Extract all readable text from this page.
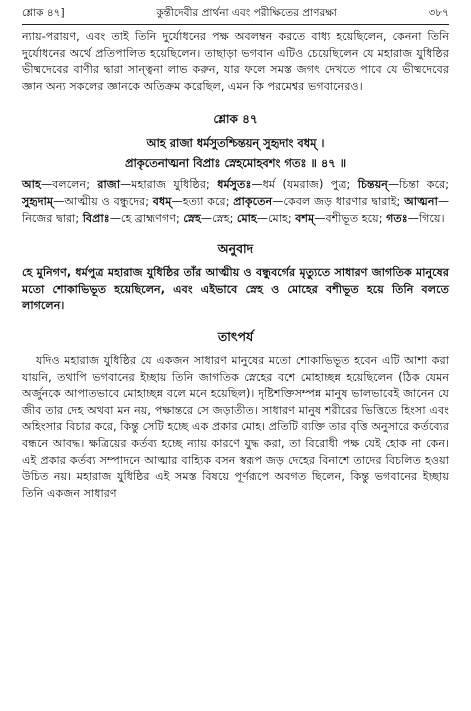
শ্লোক ৪৭]	কুন্তীদেবীর প্রার্থনা এবং পরীক্ষিতের প্রাণরক্ষা	৩৮৭

ন্যায়-পরায়ণ, এবং তাই তিনি দুর্যোধনের পক্ষ অবলম্বন করতে বাধ্য হয়েছিলেন, কেননা তিনি দুর্যোধনের অর্থে প্রতিপালিত হয়েছিলেন। তাছাড়া ভগবান এটিও চেয়েছিলেন যে মহারাজ যুধিষ্ঠির ভীষ্মদেবের বাণীর দ্বারা সান্ত্বনা লাভ করুন, যার ফলে সমস্ত জগৎ দেখতে পাবে যে ভীষ্মদেবের জ্ঞান অন্য সকলের জ্ঞানকে অতিক্রম করেছিল, এমন কি পরমেশ্বর ভগবানেরও।

শ্লোক ৪৭
আহ রাজা ধর্মসুতশ্চিন্তয়ন্ সুহৃদাং বধম্ ।
প্রাকৃতেনাত্মনা বিপ্রাঃ স্নেহমোহবশং গতঃ ॥ ৪৭ ॥

আহ—বললেন; রাজা—মহারাজ যুধিষ্ঠির; ধর্মসুতঃ—ধর্ম (যমরাজ) পুত্র; চিন্তয়ন্—চিন্তা করে; সুহৃদাম্—আত্মীয় ও বন্ধুদের; বধম্—হত্যা করে; প্রাকৃতেন—কেবল জড় ধারণার দ্বারাই; আত্মনা—নিজের দ্বারা; বিপ্রাঃ—হে ব্রাহ্মণগণ; স্নেহ—স্নেহ; মোহ—মোহ; বশম্—বশীভূত হয়ে; গতঃ—গিয়ে।

অনুবাদ

হে মুনিগণ, ধর্মপুত্র মহারাজ যুধিষ্ঠির তাঁর আত্মীয় ও বন্ধুবর্গের মৃত্যুতে সাধারণ জাগতিক মানুষের মতো শোকাভিভূত হয়েছিলেন, এবং এইভাবে স্নেহ ও মোহের বশীভূত হয়ে তিনি বলতে লাগলেন।

তাৎপর্য

যদিও মহারাজ যুধিষ্ঠির যে একজন সাধারণ মানুষের মতো শোকাভিভূত হবেন এটি আশা করা যায়নি, তথাপি ভগবানের ইচ্ছায় তিনি জাগতিক স্নেহের বশে মোহাচ্ছন্ন হয়েছিলেন (ঠিক যেমন অর্জুনকে আপাতভাবে মোহাচ্ছন্ন বলে মনে হয়েছিল)। দৃষ্টিশক্তিসম্পন্ন মানুষ ভালভাবেই জানেন যে জীব তার দেহ অথবা মন নয়, পক্ষান্তরে সে জড়াতীত। সাধারণ মানুষ শরীরের ভিত্তিতে হিংসা এবং অহিংসার বিচার করে, কিন্তু সেটি হচ্ছে এক প্রকার মোহ। প্রতিটি ব্যক্তি তার বৃত্তি অনুসারে কর্তব্যের বন্ধনে আবদ্ধ। ক্ষত্রিয়ের কর্তব্য হচ্ছে ন্যায় কারণে যুদ্ধ করা, তা বিরোধী পক্ষ যেই হোক না কেন। এই প্রকার কর্তব্য সম্পাদনে আত্মার বাহ্যিক বসন স্বরূপ জড় দেহের বিনাশে তাদের বিচলিত হওয়া উচিত নয়। মহারাজ যুধিষ্ঠির এই সমস্ত বিষয়ে পূর্ণরূপে অবগত ছিলেন, কিন্তু ভগবানের ইচ্ছায় তিনি একজন সাধারণ
